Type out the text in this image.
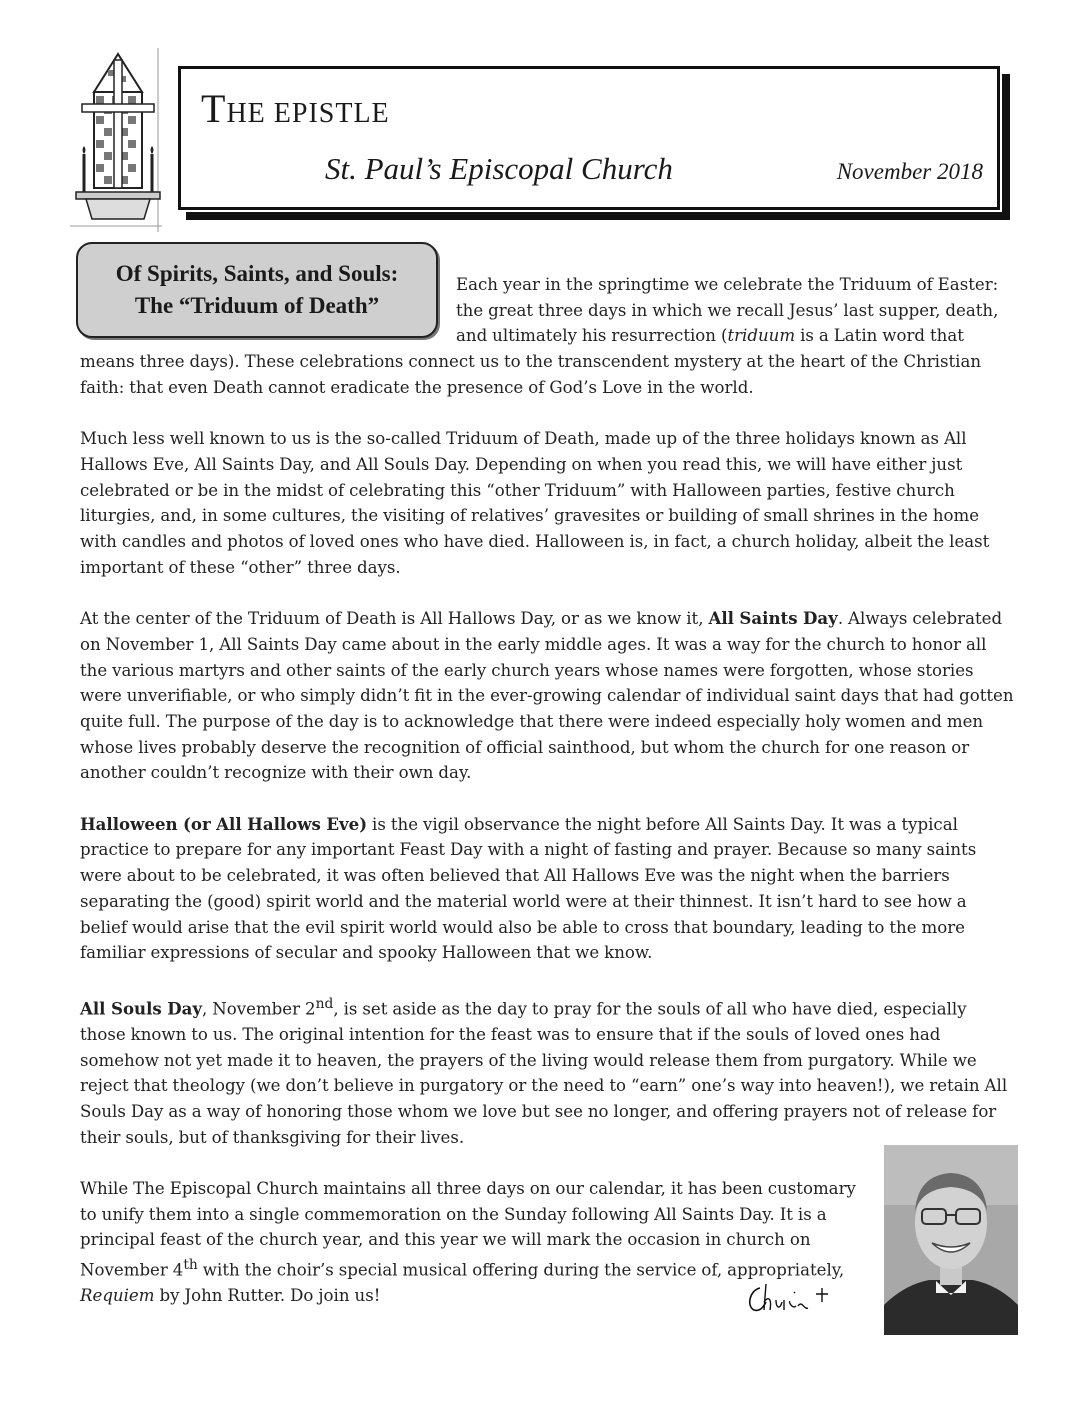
THE EPISTLE
St. Paul’s Episcopal Church	November 2018
Of Spirits, Saints, and Souls:
The “Triduum of Death”

Each year in the springtime we celebrate the Triduum of Easter: the great three days in which we recall Jesus’ last supper, death, and ultimately his resurrection (triduum is a Latin word that means three days). These celebrations connect us to the transcendent mystery at the heart of the Christian faith: that even Death cannot eradicate the presence of God’s Love in the world.

Much less well known to us is the so-called Triduum of Death, made up of the three holidays known as All Hallows Eve, All Saints Day, and All Souls Day. Depending on when you read this, we will have either just celebrated or be in the midst of celebrating this “other Triduum” with Halloween parties, festive church liturgies, and, in some cultures, the visiting of relatives’ gravesites or building of small shrines in the home with candles and photos of loved ones who have died. Halloween is, in fact, a church holiday, albeit the least important of these “other” three days.

At the center of the Triduum of Death is All Hallows Day, or as we know it, All Saints Day. Always celebrated on November 1, All Saints Day came about in the early middle ages. It was a way for the church to honor all the various martyrs and other saints of the early church years whose names were forgotten, whose stories were unverifiable, or who simply didn’t fit in the ever-growing calendar of individual saint days that had gotten quite full. The purpose of the day is to acknowledge that there were indeed especially holy women and men whose lives probably deserve the recognition of official sainthood, but whom the church for one reason or another couldn’t recognize with their own day.

Halloween (or All Hallows Eve) is the vigil observance the night before All Saints Day. It was a typical practice to prepare for any important Feast Day with a night of fasting and prayer. Because so many saints were about to be celebrated, it was often believed that All Hallows Eve was the night when the barriers separating the (good) spirit world and the material world were at their thinnest. It isn’t hard to see how a belief would arise that the evil spirit world would also be able to cross that boundary, leading to the more familiar expressions of secular and spooky Halloween that we know.

All Souls Day, November 2nd, is set aside as the day to pray for the souls of all who have died, especially those known to us. The original intention for the feast was to ensure that if the souls of loved ones had somehow not yet made it to heaven, the prayers of the living would release them from purgatory. While we reject that theology (we don’t believe in purgatory or the need to “earn” one’s way into heaven!), we retain All Souls Day as a way of honoring those whom we love but see no longer, and offering prayers not of release for their souls, but of thanksgiving for their lives.

While The Episcopal Church maintains all three days on our calendar, it has been customary to unify them into a single commemoration on the Sunday following All Saints Day. It is a principal feast of the church year, and this year we will mark the occasion in church on November 4th with the choir’s special musical offering during the service of, appropriately, Requiem by John Rutter. Do join us!
